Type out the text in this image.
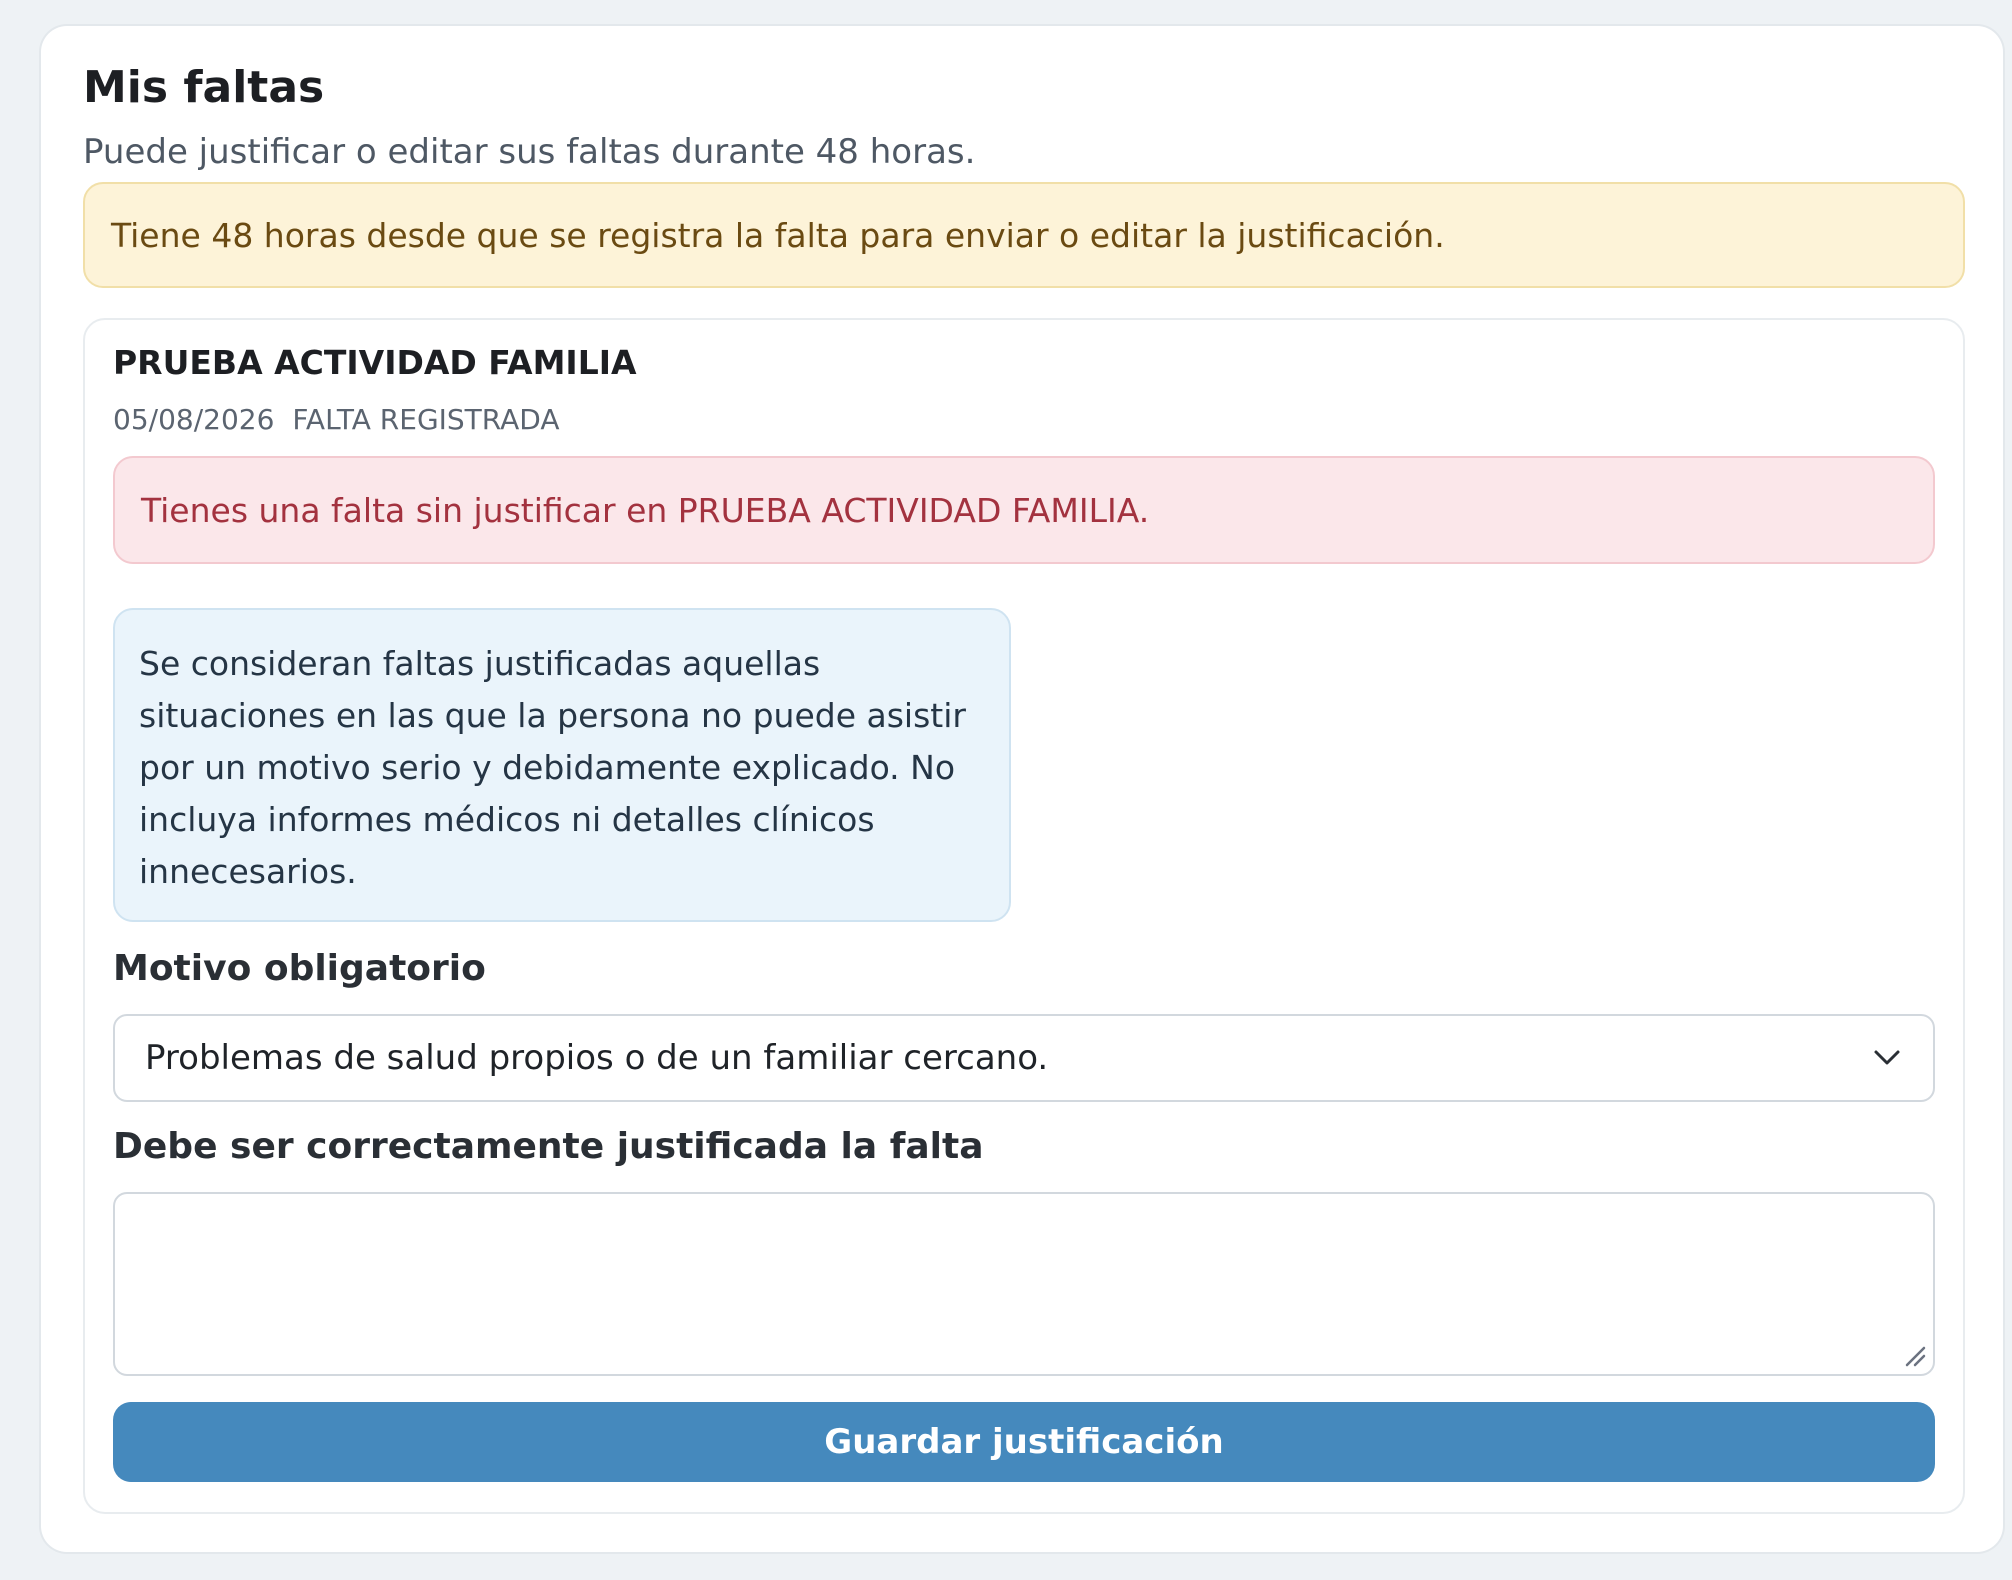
Mis faltas

Puede justificar o editar sus faltas durante 48 horas.

Tiene 48 horas desde que se registra la falta para enviar o editar la justificación.
PRUEBA ACTIVIDAD FAMILIA
05/08/2026 FALTA REGISTRADA
Tienes una falta sin justificar en PRUEBA ACTIVIDAD FAMILIA.
Se consideran faltas justificadas aquellas situaciones en las que la persona no puede asistir por un motivo serio y debidamente explicado. No incluya informes médicos ni detalles clínicos innecesarios.
Motivo obligatorio
Problemas de salud propios o de un familiar cercano.
Debe ser correctamente justificada la falta
Guardar justificación
